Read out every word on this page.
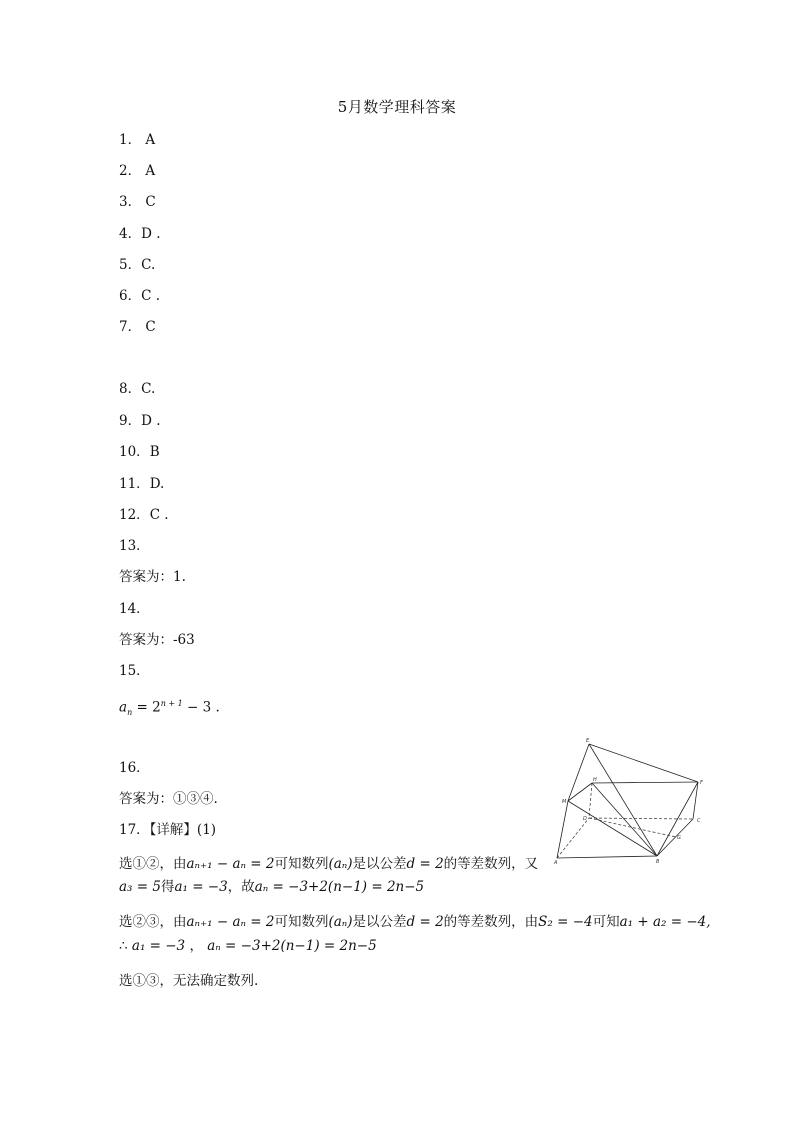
5月数学理科答案
1． A
2． A
3． C
4．D .
5．C.
6．C .
7． C
8．C.
9．D .
10．B
11．D.
12．C .
13．
答案为：1.
14．
答案为：-63
15．
$a_n = 2^{n + 1} - 3$ .
16．
答案为：①③④.
17．【详解】(1)
选①②，由aₙ₊₁ − aₙ = 2可知数列(aₙ)是以公差d = 2的等差数列，又
a₃ = 5得a₁ = −3，故aₙ = −3+2(n−1) = 2n−5
选②③，由aₙ₊₁ − aₙ = 2可知数列(aₙ)是以公差d = 2的等差数列，由S₂ = −4可知a₁ + a₂ = −4,
∴ a₁ = −3 ， aₙ = −3+2(n−1) = 2n−5
选①③，无法确定数列.
E
H	F
M
D	C
G
B
A
